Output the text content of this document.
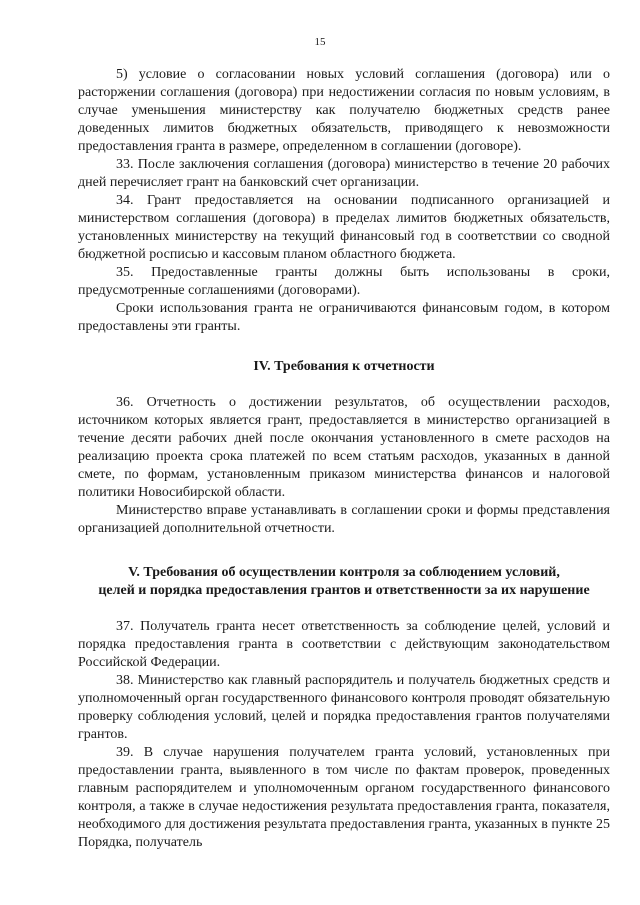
15

5) условие о согласовании новых условий соглашения (договора) или о расторжении соглашения (договора) при недостижении согласия по новым условиям, в случае уменьшения министерству как получателю бюджетных средств ранее доведенных лимитов бюджетных обязательств, приводящего к невозможности предоставления гранта в размере, определенном в соглашении (договоре).

33. После заключения соглашения (договора) министерство в течение 20 рабочих дней перечисляет грант на банковский счет организации.

34. Грант предоставляется на основании подписанного организацией и министерством соглашения (договора) в пределах лимитов бюджетных обязательств, установленных министерству на текущий финансовый год в соответствии со сводной бюджетной росписью и кассовым планом областного бюджета.

35. Предоставленные гранты должны быть использованы в сроки, предусмотренные соглашениями (договорами).

Сроки использования гранта не ограничиваются финансовым годом, в котором предоставлены эти гранты.

IV. Требования к отчетности

36. Отчетность о достижении результатов, об осуществлении расходов, источником которых является грант, предоставляется в министерство организацией в течение десяти рабочих дней после окончания установленного в смете расходов на реализацию проекта срока платежей по всем статьям расходов, указанных в данной смете, по формам, установленным приказом министерства финансов и налоговой политики Новосибирской области.

Министерство вправе устанавливать в соглашении сроки и формы представления организацией дополнительной отчетности.

V. Требования об осуществлении контроля за соблюдением условий,
целей и порядка предоставления грантов и ответственности за их нарушение

37. Получатель гранта несет ответственность за соблюдение целей, условий и порядка предоставления гранта в соответствии с действующим законодательством Российской Федерации.

38. Министерство как главный распорядитель и получатель бюджетных средств и уполномоченный орган государственного финансового контроля проводят обязательную проверку соблюдения условий, целей и порядка предоставления грантов получателями грантов.

39. В случае нарушения получателем гранта условий, установленных при предоставлении гранта, выявленного в том числе по фактам проверок, проведенных главным распорядителем и уполномоченным органом государственного финансового контроля, а также в случае недостижения результата предоставления гранта, показателя, необходимого для достижения результата предоставления гранта, указанных в пункте 25 Порядка, получатель
